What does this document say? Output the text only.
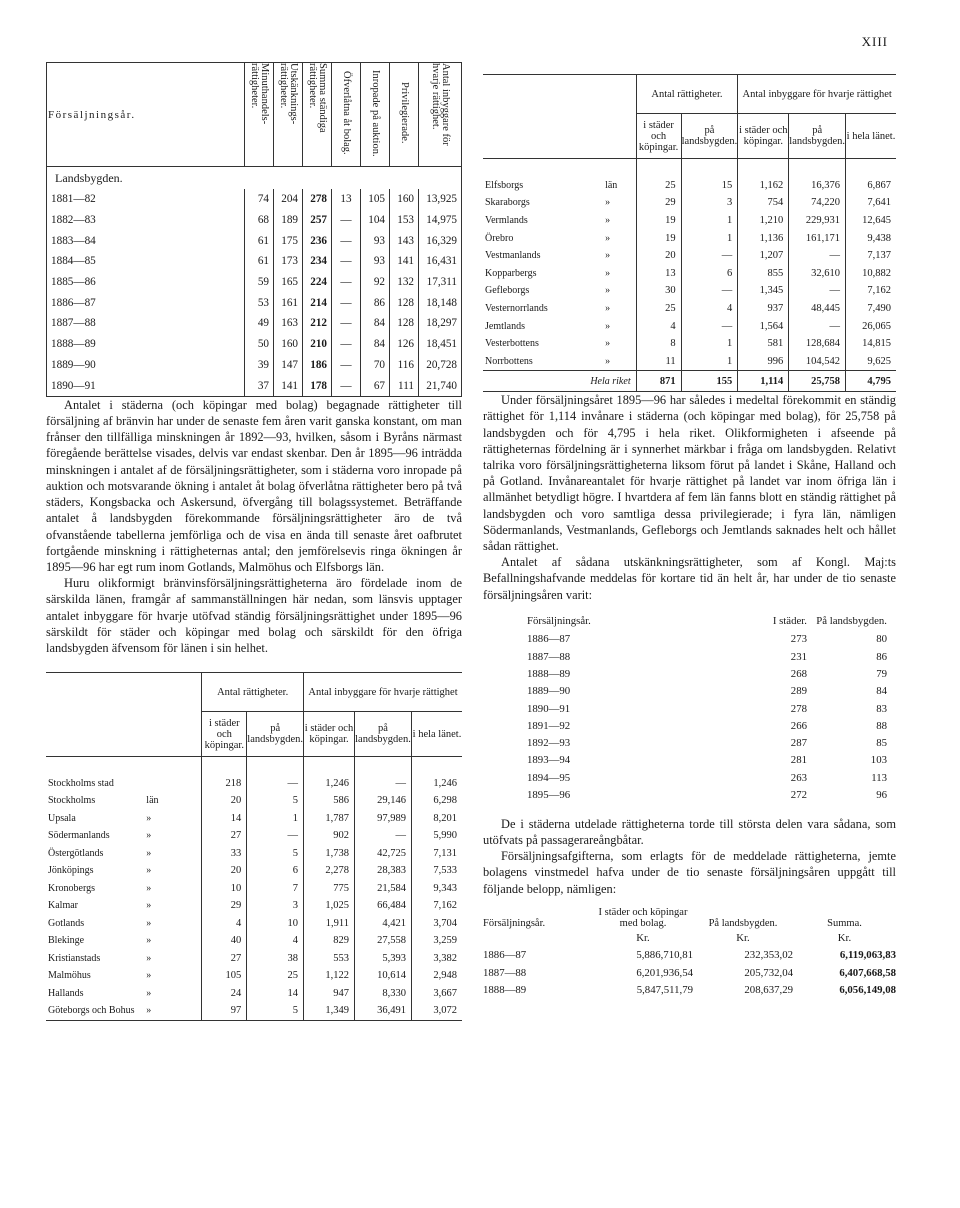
XIII
Försäljningsår.	Minuthandels-rättigheter.	Utskänknings-rättigheter.	Summa ständiga rättigheter.	Öfverlåtna åt bolag.	Inropade på auktion.	Privilegierade.	Antal inbyggare för hvarje rättighet.
Landsbygden.							
1881—82	74	204	278	13	105	160	13,925
1882—83	68	189	257	—	104	153	14,975
1883—84	61	175	236	—	93	143	16,329
1884—85	61	173	234	—	93	141	16,431
1885—86	59	165	224	—	92	132	17,311
1886—87	53	161	214	—	86	128	18,148
1887—88	49	163	212	—	84	128	18,297
1888—89	50	160	210	—	84	126	18,451
1889—90	39	147	186	—	70	116	20,728
1890—91	37	141	178	—	67	111	21,740

Antalet i städerna (och köpingar med bolag) begagnade rättigheter till försäljning af bränvin har under de senaste fem åren varit ganska konstant, om man frånser den tillfälliga minskningen år 1892—93, hvilken, såsom i Byråns närmast föregående berättelse visades, delvis var endast skenbar. Den år 1895—96 inträdda minskningen i antalet af de försäljningsrättigheter, som i städerna voro inropade på auktion och motsvarande ökning i antalet åt bolag öfverlåtna rättigheter bero på två städers, Kongsbacka och Askersund, öfvergång till bolagssystemet. Beträffande antalet å landsbygden förekommande försäljningsrättigheter äro de två ofvanstående tabellerna jemförliga och de visa en ända till senaste året oafbrutet fortgående minskning i rättigheternas antal; den jemförelsevis ringa ökningen år 1895—96 har egt rum inom Gotlands, Malmöhus och Elfsborgs län.

Huru olikformigt bränvinsförsäljningsrättigheterna äro fördelade inom de särskilda länen, framgår af sammanställningen här nedan, som länsvis upptager antalet inbyggare för hvarje utöfvad ständig försäljningsrättighet under 1895—96 särskildt för städer och köpingar med bolag och särskildt för den öfriga landsbygden äfvensom för länen i sin helhet.

		Antal rättigheter.		Antal inbyggare för hvarje rättighet		
		i städer och köpingar.	på landsbygden.	i städer och köpingar.	på landsbygden.	i hela länet.

Stockholms stad		218	—	1,246	—	1,246
Stockholms	län	20	5	586	29,146	6,298
Upsala	»	14	1	1,787	97,989	8,201
Södermanlands	»	27	—	902	—	5,990
Östergötlands	»	33	5	1,738	42,725	7,131
Jönköpings	»	20	6	2,278	28,383	7,533
Kronobergs	»	10	7	775	21,584	9,343
Kalmar	»	29	3	1,025	66,484	7,162
Gotlands	»	4	10	1,911	4,421	3,704
Blekinge	»	40	4	829	27,558	3,259
Kristianstads	»	27	38	553	5,393	3,382
Malmöhus	»	105	25	1,122	10,614	2,948
Hallands	»	24	14	947	8,330	3,667
Göteborgs och Bohus	»	97	5	1,349	36,491	3,072
		Antal rättigheter.		Antal inbyggare för hvarje rättighet		
		i städer och köpingar.	på landsbygden.	i städer och köpingar.	på landsbygden.	i hela länet.

Elfsborgs	län	25	15	1,162	16,376	6,867
Skaraborgs	»	29	3	754	74,220	7,641
Vermlands	»	19	1	1,210	229,931	12,645
Örebro	»	19	1	1,136	161,171	9,438
Vestmanlands	»	20	—	1,207	—	7,137
Kopparbergs	»	13	6	855	32,610	10,882
Gefleborgs	»	30	—	1,345	—	7,162
Vesternorrlands	»	25	4	937	48,445	7,490
Jemtlands	»	4	—	1,564	—	26,065
Vesterbottens	»	8	1	581	128,684	14,815
Norrbottens	»	11	1	996	104,542	9,625
Hela riket		871	155	1,114	25,758	4,795

Under försäljningsåret 1895—96 har således i medeltal förekommit en ständig rättighet för 1,114 invånare i städerna (och köpingar med bolag), för 25,758 på landsbygden och för 4,795 i hela riket. Olikformigheten i afseende på rättigheternas fördelning är i synnerhet märkbar i fråga om landsbygden. Relativt talrika voro försäljningsrättigheterna liksom förut på landet i Skåne, Halland och på Gotland. Invånareantalet för hvarje rättighet på landet var inom öfriga län i allmänhet betydligt högre. I hvartdera af fem län fanns blott en ständig rättighet på landsbygden och voro samtliga dessa privilegierade; i fyra län, nämligen Södermanlands, Vestmanlands, Gefleborgs och Jemtlands saknades helt och hållet sådan rättighet.

Antalet af sådana utskänkningsrättigheter, som af Kongl. Maj:ts Befallningshafvande meddelas för kortare tid än helt år, har under de tio senaste försäljningsåren varit:

Försäljningsår.	I städer.	På landsbygden.
1886—87	273	80
1887—88	231	86
1888—89	268	79
1889—90	289	84
1890—91	278	83
1891—92	266	88
1892—93	287	85
1893—94	281	103
1894—95	263	113
1895—96	272	96

De i städerna utdelade rättigheterna torde till största delen vara sådana, som utöfvats på passagerareångbåtar.

Försäljningsafgifterna, som erlagts för de meddelade rättigheterna, jemte bolagens vinstmedel hafva under de tio senaste försäljningsåren uppgått till följande belopp, nämligen:

Försäljningsår.	I städer och köpingar med bolag.	På landsbygden.	Summa.
	Kr.	Kr.	Kr.
1886—87	5,886,710,81	232,353,02	6,119,063,83
1887—88	6,201,936,54	205,732,04	6,407,668,58
1888—89	5,847,511,79	208,637,29	6,056,149,08
